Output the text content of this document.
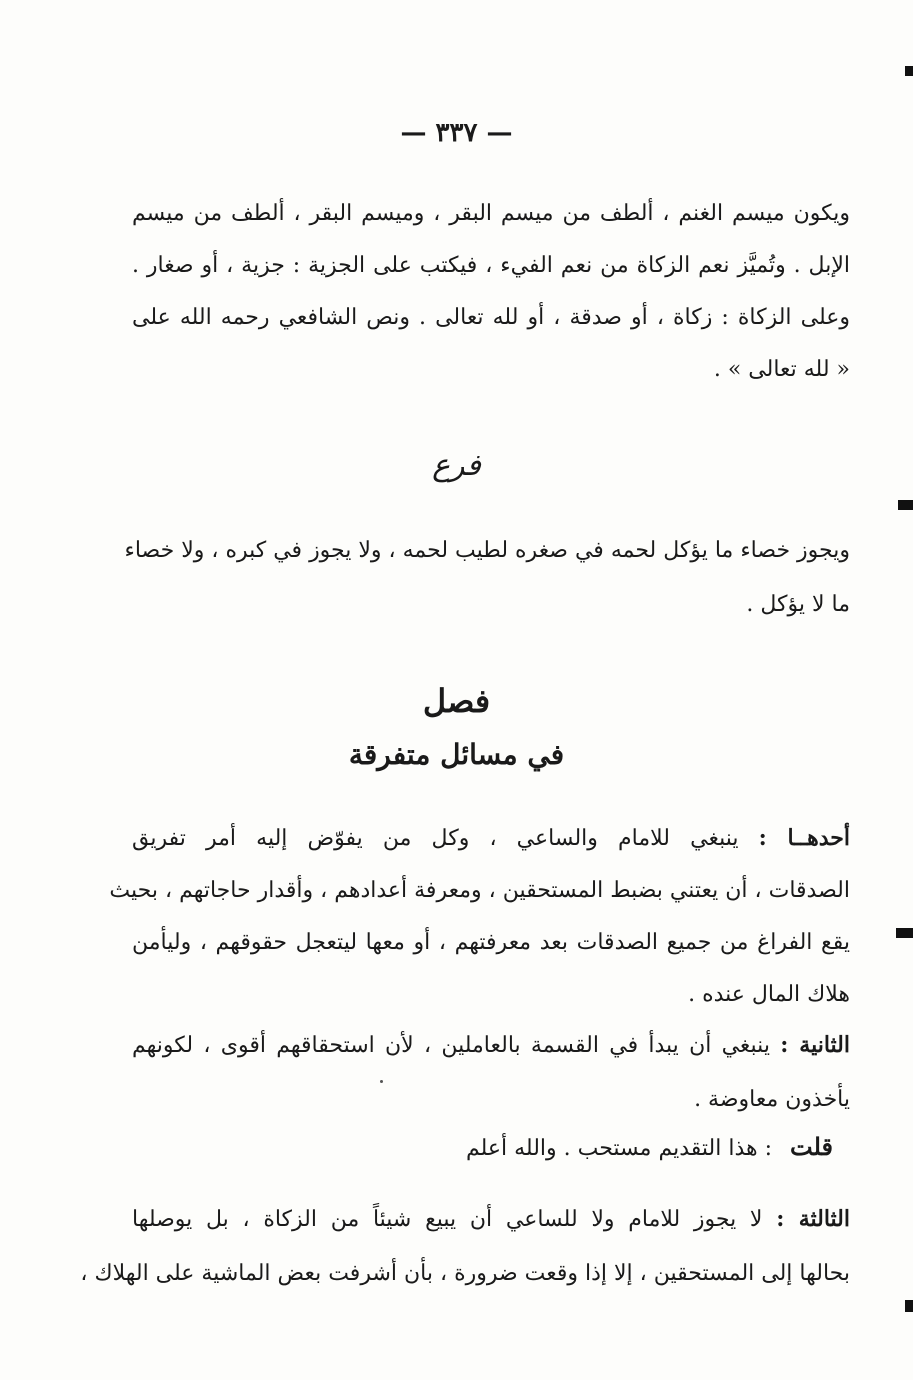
— ٣٣٧ —
ويكون ميسم الغنم ، ألطف من ميسم البقر ، وميسم البقر ، ألطف من ميسم
الإبل . وتُميَّز نعم الزكاة من نعم الفيء ، فيكتب على الجزية : جزية ، أو صغار .
وعلى الزكاة : زكاة ، أو صدقة ، أو لله تعالى . ونص الشافعي رحمه الله على
« لله تعالى » .
فرع
ويجوز خصاء ما يؤكل لحمه في صغره لطيب لحمه ، ولا يجوز في كبره ، ولا خصاء
ما لا يؤكل .
فصل
في مسائل متفرقة
أحدهــا : ينبغي للامام والساعي ، وكل من يفوّض إليه أمر تفريق
الصدقات ، أن يعتني بضبط المستحقين ، ومعرفة أعدادهم ، وأقدار حاجاتهم ، بحيث
يقع الفراغ من جميع الصدقات بعد معرفتهم ، أو معها ليتعجل حقوقهم ، وليأمن
هلاك المال عنده .
الثانية : ينبغي أن يبدأ في القسمة بالعاملين ، لأن استحقاقهم أقوى ، لكونهم
يأخذون معاوضة .
قلت: هذا التقديم مستحب . والله أعلم
الثالثة : لا يجوز للامام ولا للساعي أن يبيع شيئاً من الزكاة ، بل يوصلها
بحالها إلى المستحقين ، إلا إذا وقعت ضرورة ، بأن أشرفت بعض الماشية على الهلاك ،
